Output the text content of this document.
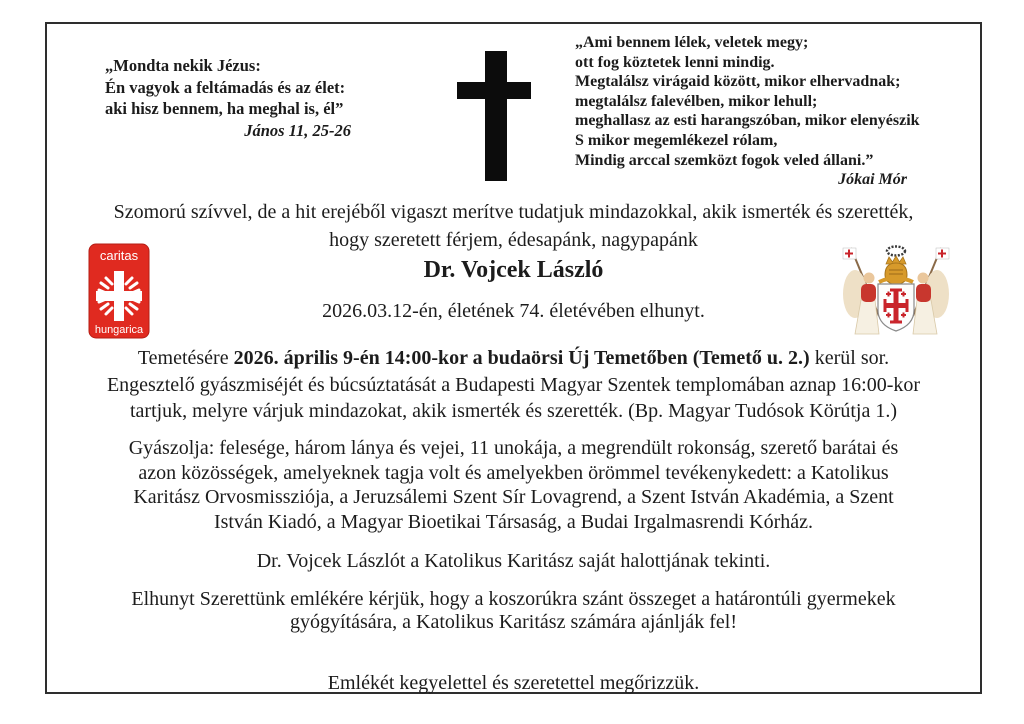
„Mondta nekik Jézus:
Én vagyok a feltámadás és az élet:
aki hisz bennem, ha meghal is, él”
János 11, 25-26
„Ami bennem lélek, veletek megy;
ott fog köztetek lenni mindig.
Megtalálsz virágaid között, mikor elhervadnak;
megtalálsz falevélben, mikor lehull;
meghallasz az esti harangszóban, mikor elenyészik
S mikor megemlékezel rólam,
Mindig arccal szemközt fogok veled állani.”
Jókai Mór
Szomorú szívvel, de a hit erejéből vigaszt merítve tudatjuk mindazokkal, akik ismerték és szerették,
hogy szeretett férjem, édesapánk, nagypapánk
caritas
hungarica
Dr. Vojcek László
2026.03.12-én, életének 74. életévében elhunyt.
Temetésére 2026. április 9-én 14:00-kor a budaörsi Új Temetőben (Temető u. 2.) kerül sor.
Engesztelő gyászmiséjét és búcsúztatását a Budapesti Magyar Szentek templomában aznap 16:00-kor
tartjuk, melyre várjuk mindazokat, akik ismerték és szerették. (Bp. Magyar Tudósok Körútja 1.)
Gyászolja: felesége, három lánya és vejei, 11 unokája, a megrendült rokonság, szerető barátai és
azon közösségek, amelyeknek tagja volt és amelyekben örömmel tevékenykedett: a Katolikus
Karitász Orvosmissziója, a Jeruzsálemi Szent Sír Lovagrend, a Szent István Akadémia, a Szent
István Kiadó, a Magyar Bioetikai Társaság, a Budai Irgalmasrendi Kórház.
Dr. Vojcek Lászlót a Katolikus Karitász saját halottjának tekinti.
Elhunyt Szerettünk emlékére kérjük, hogy a koszorúkra szánt összeget a határontúli gyermekek
gyógyítására, a Katolikus Karitász számára ajánlják fel!
Emlékét kegyelettel és szeretettel megőrizzük.
